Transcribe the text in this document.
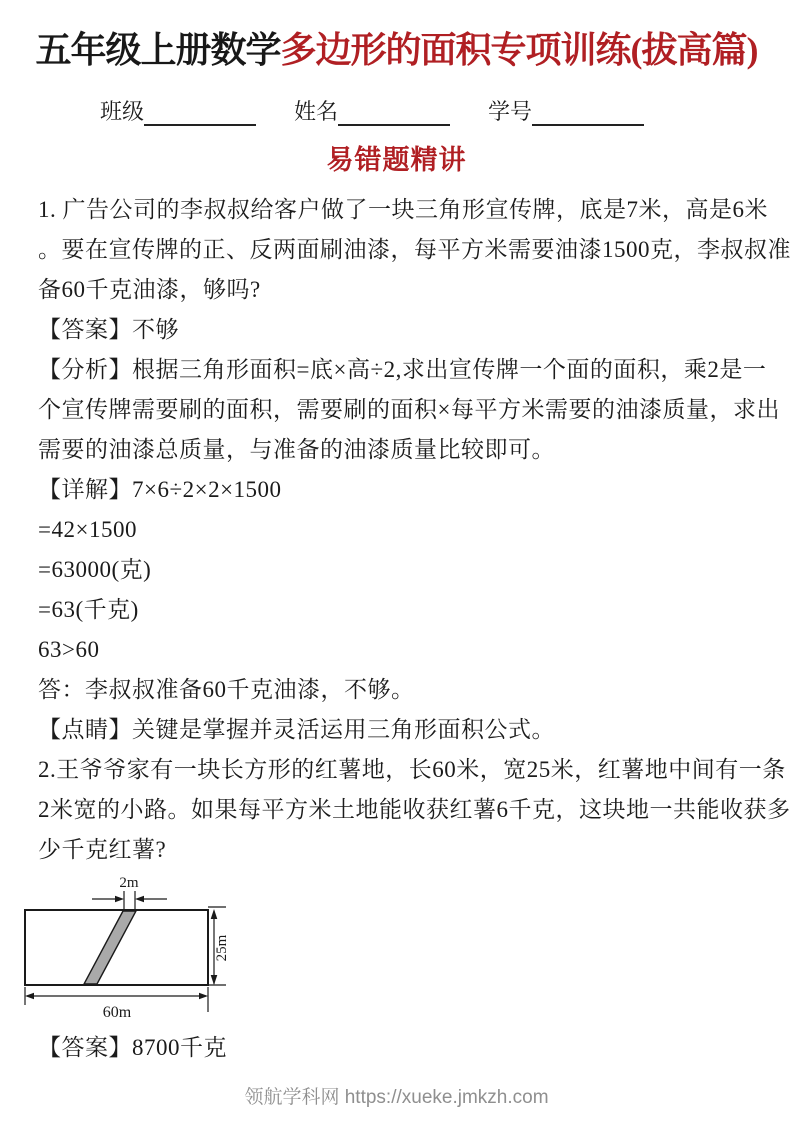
五年级上册数学多边形的面积专项训练(拔高篇)
班级	姓名	学号
易错题精讲
1. 广告公司的李叔叔给客户做了一块三角形宣传牌，底是7米，高是6米
。要在宣传牌的正、反两面刷油漆，每平方米需要油漆1500克，李叔叔准
备60千克油漆，够吗?
【答案】不够
【分析】根据三角形面积=底×高÷2,求出宣传牌一个面的面积，乘2是一
个宣传牌需要刷的面积，需要刷的面积×每平方米需要的油漆质量，求出
需要的油漆总质量，与准备的油漆质量比较即可。
【详解】7×6÷2×2×1500
=42×1500
=63000(克)
=63(千克)
63>60
答：李叔叔准备60千克油漆，不够。
【点睛】关键是掌握并灵活运用三角形面积公式。
2.王爷爷家有一块长方形的红薯地，长60米，宽25米，红薯地中间有一条
2米宽的小路。如果每平方米土地能收获红薯6千克，这块地一共能收获多
少千克红薯?
2m
25m
60m
【答案】8700千克
领航学科网 https://xueke.jmkzh.com
